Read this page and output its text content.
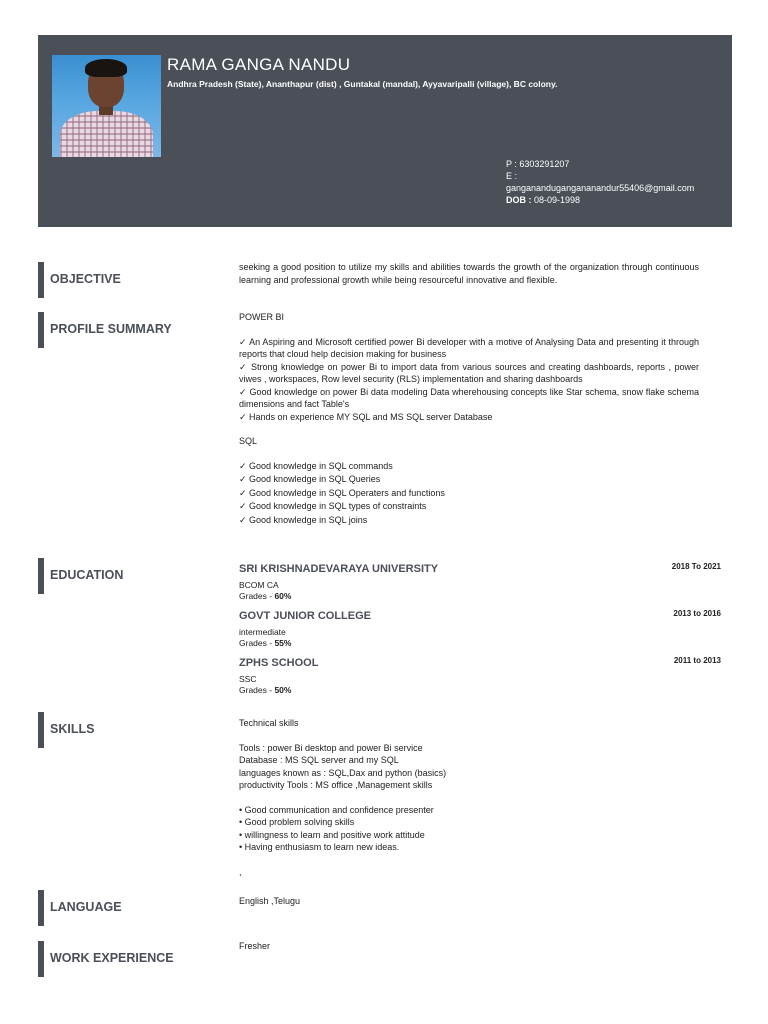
RAMA GANGA NANDU
Andhra Pradesh (State), Ananthapur (dist) , Guntakal (mandal), Ayyavaripalli (village), BC colony.
P : 6303291207
E :
ganganandugangananandur55406@gmail.com
DOB : 08-09-1998
OBJECTIVE
seeking a good position to utilize my skills and abilities towards the growth of the organization through continuous learning and professional growth while being resourceful innovative and flexible.
PROFILE SUMMARY
POWER BI
✓ An Aspiring and Microsoft certified power Bi developer with a motive of Analysing Data and presenting it through reports that cloud help decision making for business
✓ Strong knowledge on power Bi to import data from various sources and creating dashboards, reports , power viwes , workspaces, Row level security (RLS) implementation and sharing dashboards
✓ Good knowledge on power Bi data modeling Data wherehousing concepts like Star schema, snow flake schema dimensions and fact Table's
✓ Hands on experience MY SQL and MS SQL server Database
SQL
✓ Good knowledge in SQL commands
✓ Good knowledge in SQL Queries
✓ Good knowledge in SQL Operaters and functions
✓ Good knowledge in SQL types of constraints
✓ Good knowledge in SQL joins
EDUCATION
2018 To 2021
SRI KRISHNADEVARAYA UNIVERSITY
BCOM CA
Grades - 60%
2013 to 2016
GOVT JUNIOR COLLEGE
intermediate
Grades - 55%
2011 to 2013
ZPHS SCHOOL
SSC
Grades - 50%
SKILLS	Technical skills
Tools : power Bi desktop and power Bi service
Database : MS SQL server and my SQL
languages known as : SQL,Dax and python (basics)
productivity Tools : MS office ,Management skills
• Good communication and confidence presenter
• Good problem solving skills
• willingness to learn and positive work attitude
• Having enthusiasm to learn new ideas.
,
LANGUAGE	English ,Telugu
WORK EXPERIENCE
Fresher
